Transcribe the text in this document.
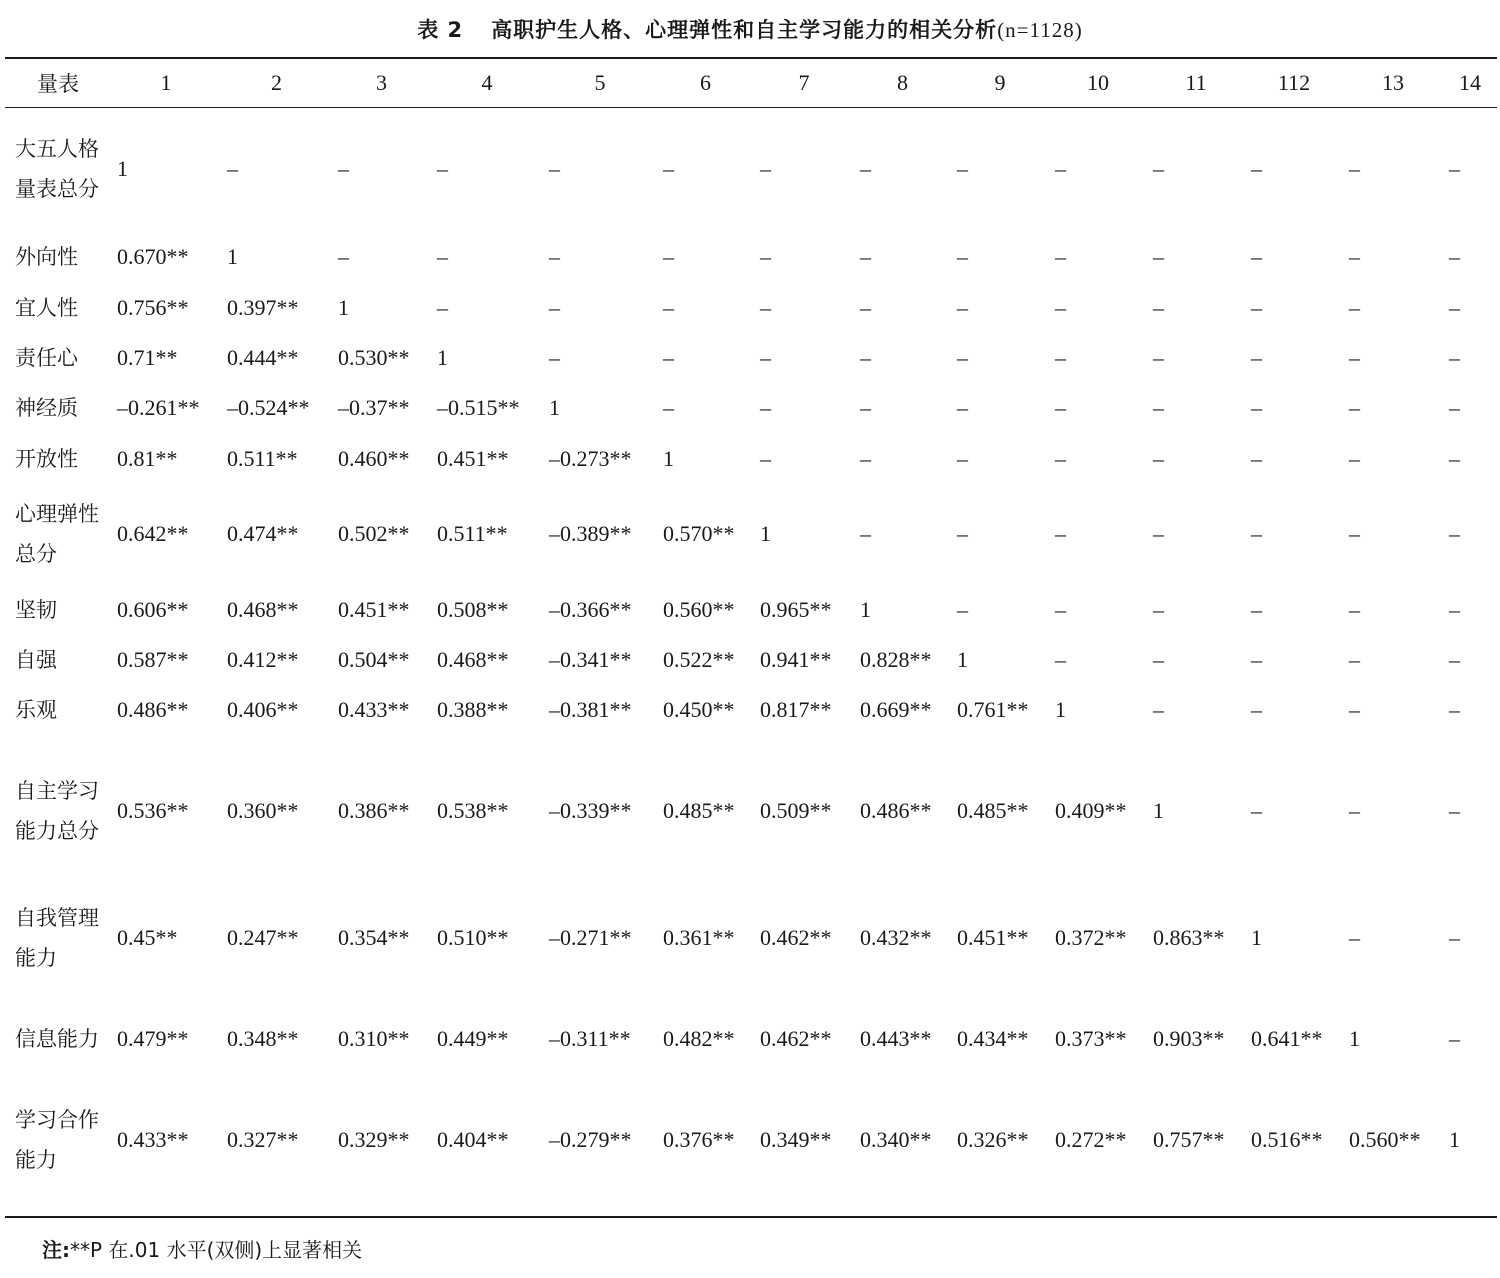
表 2 高职护生人格、心理弹性和自主学习能力的相关分析(n=1128)
量表	1	2	3	4	5	6	7	8	9	10	11	112	13	14
大五人格量表总分	1	–	–	–	–	–	–	–	–	–	–	–	–	–
外向性	0.670**	1	–	–	–	–	–	–	–	–	–	–	–	–
宜人性	0.756**	0.397**	1	–	–	–	–	–	–	–	–	–	–	–
责任心	0.71**	0.444**	0.530**	1	–	–	–	–	–	–	–	–	–	–
神经质	–0.261**	–0.524**	–0.37**	–0.515**	1	–	–	–	–	–	–	–	–	–
开放性	0.81**	0.511**	0.460**	0.451**	–0.273**	1	–	–	–	–	–	–	–	–
心理弹性总分	0.642**	0.474**	0.502**	0.511**	–0.389**	0.570**	1	–	–	–	–	–	–	–
坚韧	0.606**	0.468**	0.451**	0.508**	–0.366**	0.560**	0.965**	1	–	–	–	–	–	–
自强	0.587**	0.412**	0.504**	0.468**	–0.341**	0.522**	0.941**	0.828**	1	–	–	–	–	–
乐观	0.486**	0.406**	0.433**	0.388**	–0.381**	0.450**	0.817**	0.669**	0.761**	1	–	–	–	–
自主学习能力总分	0.536**	0.360**	0.386**	0.538**	–0.339**	0.485**	0.509**	0.486**	0.485**	0.409**	1	–	–	–
自我管理能力	0.45**	0.247**	0.354**	0.510**	–0.271**	0.361**	0.462**	0.432**	0.451**	0.372**	0.863**	1	–	–
信息能力	0.479**	0.348**	0.310**	0.449**	–0.311**	0.482**	0.462**	0.443**	0.434**	0.373**	0.903**	0.641**	1	–
学习合作能力	0.433**	0.327**	0.329**	0.404**	–0.279**	0.376**	0.349**	0.340**	0.326**	0.272**	0.757**	0.516**	0.560**	1
注:**P 在.01 水平(双侧)上显著相关
